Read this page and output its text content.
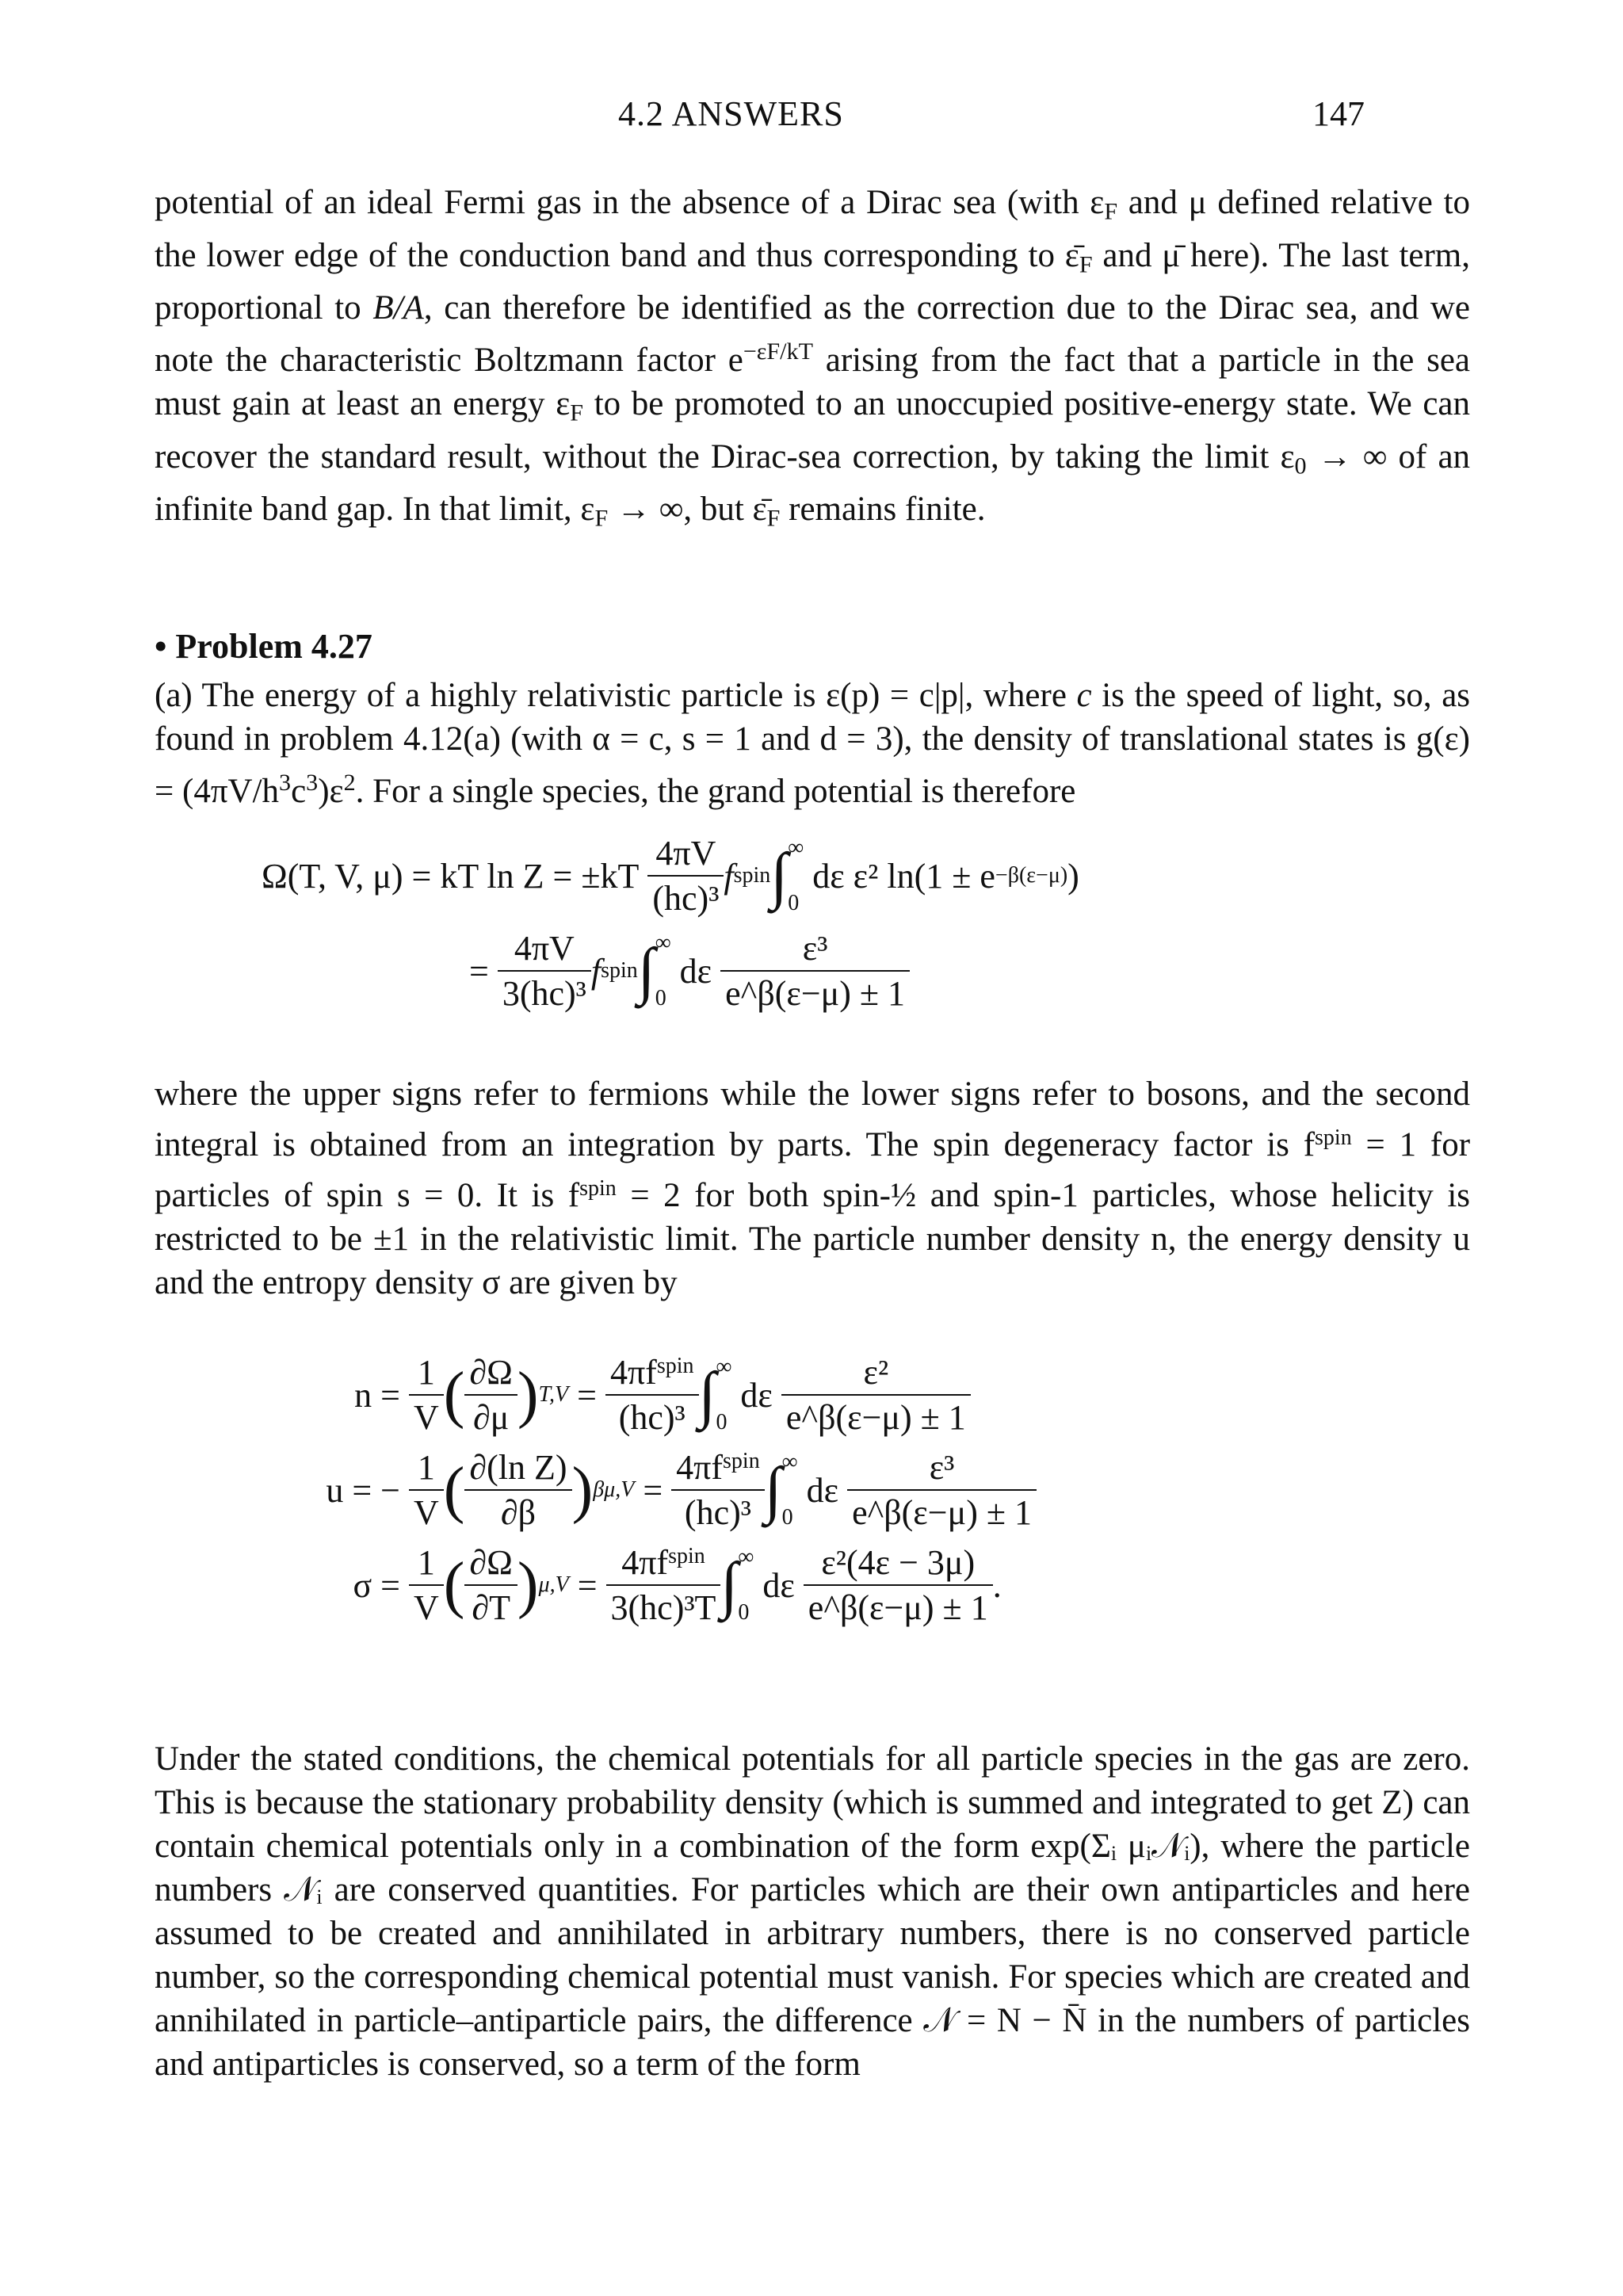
4.2 ANSWERS	147
potential of an ideal Fermi gas in the absence of a Dirac sea (with $\varepsilon_F$ and μ defined relative to the lower edge of the conduction band and thus corresponding to $\varepsilon̄_F$ and μ̄ here). The last term, proportional to B/A, can therefore be identified as the correction due to the Dirac sea, and we note the characteristic Boltzmann factor $e^{-\varepsilon F/kT}$ arising from the fact that a particle in the sea must gain at least an energy $\varepsilon_F$ to be promoted to an unoccupied positive-energy state. We can recover the standard result, without the Dirac-sea correction, by taking the limit $\varepsilon_0$ → ∞ of an infinite band gap. In that limit, $\varepsilon_F$ → ∞, but $\varepsilon̄_F$ remains finite.
• Problem 4.27
(a) The energy of a highly relativistic particle is ε(p) = c|p|, where c is the speed of light, so, as found in problem 4.12(a) (with α = c, s = 1 and d = 3), the density of translational states is $g(\varepsilon) = (4\pi V/h^3c^3)\varepsilon^2$. For a single species, the grand potential is therefore
Ω(T, V, μ) = kT ln Z = ±kT
$\frac{4\pi V}{\text{(hc)³}}$ f spin ∫ ∞
0

dε ε² ln(1 ± e −β(ε−μ) )
=
$\frac{4\pi V}{\text{3(hc)³}}$ f spin ∫ ∞
0

dε
$\frac{\text{ε³}}{e\^{}\beta(\varepsilon-\mu) \pm 1}$
where the upper signs refer to fermions while the lower signs refer to bosons, and the second integral is obtained from an integration by parts. The spin degeneracy factor is $f^{spin} = 1$ for particles of spin s = 0. It is $f^{spin} = 2$ for both spin-½ and spin-1 particles, whose helicity is restricted to be ±1 in the relativistic limit. The particle number density n, the energy density u and the entropy density σ are given by
n =
$\frac{1}{V}$ ( $\frac{\partial\Omega}{\partial\mu}$ ) T,V
=
$\frac{4\pi f^{spin}}{\text{(hc)³}}$ ∫ ∞
0

dε
$\frac{\text{ε²}}{e\^{}\beta(\varepsilon-\mu) \pm 1}$
u = −
$\frac{1}{V}$ ( $\frac{\text{∂(ln Z)}}{\partial\beta}$ ) βμ,V
=
$\frac{4\pi f^{spin}}{\text{(hc)³}}$ ∫ ∞
0

dε
$\frac{\text{ε³}}{e\^{}\beta(\varepsilon-\mu) \pm 1}$
σ =
$\frac{1}{V}$ ( $\frac{\partial\Omega}{\partial T}$ ) μ,V
=
$\frac{4\pi f^{spin}}{\text{3(hc)³T}}$ ∫ ∞
0

dε
$\frac{\text{ε²(4ε − 3μ)}}{e\^{}\beta(\varepsilon-\mu) \pm 1}$ .
Under the stated conditions, the chemical potentials for all particle species in the gas are zero. This is because the stationary probability density (which is summed and integrated to get Z) can contain chemical potentials only in a combination of the form exp(Σᵢ μᵢ𝒩ᵢ), where the particle numbers 𝒩ᵢ are conserved quantities. For particles which are their own antiparticles and here assumed to be created and annihilated in arbitrary numbers, there is no conserved particle number, so the corresponding chemical potential must vanish. For species which are created and annihilated in particle–antiparticle pairs, the difference 𝒩 = N − N̄ in the numbers of particles and antiparticles is conserved, so a term of the form
